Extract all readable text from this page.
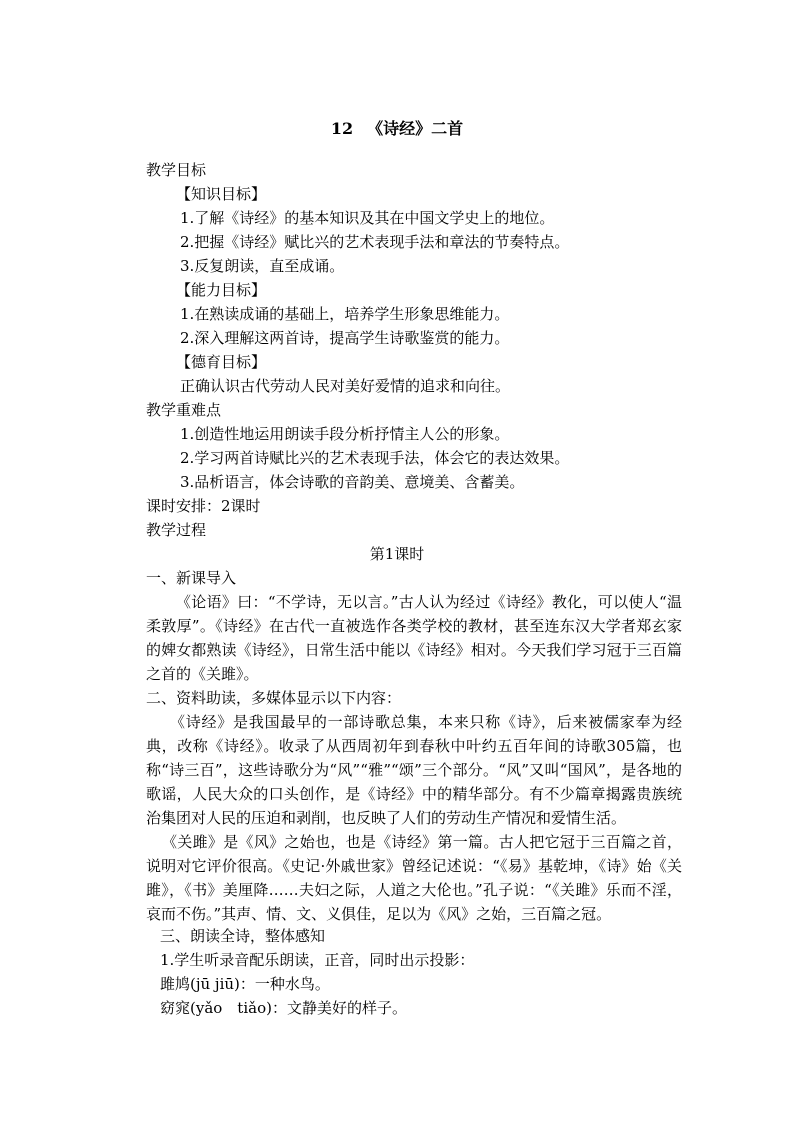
12 《诗经》二首
教学目标
【知识目标】
1.了解《诗经》的基本知识及其在中国文学史上的地位。
2.把握《诗经》赋比兴的艺术表现手法和章法的节奏特点。
3.反复朗读，直至成诵。
【能力目标】
1.在熟读成诵的基础上，培养学生形象思维能力。
2.深入理解这两首诗，提高学生诗歌鉴赏的能力。
【德育目标】
正确认识古代劳动人民对美好爱情的追求和向往。
教学重难点
1.创造性地运用朗读手段分析抒情主人公的形象。
2.学习两首诗赋比兴的艺术表现手法，体会它的表达效果。
3.品析语言，体会诗歌的音韵美、意境美、含蓄美。
课时安排：2课时
教学过程
第1课时
一、新课导入
《论语》曰：“不学诗，无以言。”古人认为经过《诗经》教化，可以使人“温柔敦厚”。《诗经》在古代一直被选作各类学校的教材，甚至连东汉大学者郑玄家的婢女都熟读《诗经》，日常生活中能以《诗经》相对。今天我们学习冠于三百篇之首的《关雎》。
二、资料助读，多媒体显示以下内容：
《诗经》是我国最早的一部诗歌总集，本来只称《诗》，后来被儒家奉为经典，改称《诗经》。收录了从西周初年到春秋中叶约五百年间的诗歌305篇，也称“诗三百”，这些诗歌分为“风”“雅”“颂”三个部分。“风”又叫“国风”，是各地的歌谣，人民大众的口头创作，是《诗经》中的精华部分。有不少篇章揭露贵族统治集团对人民的压迫和剥削，也反映了人们的劳动生产情况和爱情生活。
《关雎》是《风》之始也，也是《诗经》第一篇。古人把它冠于三百篇之首，说明对它评价很高。《史记·外戚世家》曾经记述说：“《易》基乾坤，《诗》始《关雎》，《书》美厘降……夫妇之际，人道之大伦也。”孔子说：“《关雎》乐而不淫，哀而不伤。”其声、情、文、义俱佳，足以为《风》之始，三百篇之冠。
三、朗读全诗，整体感知
1.学生听录音配乐朗读，正音，同时出示投影：
雎鸠(jū jiū)：一种水鸟。
窈窕(yǎo　tiǎo)：文静美好的样子。
